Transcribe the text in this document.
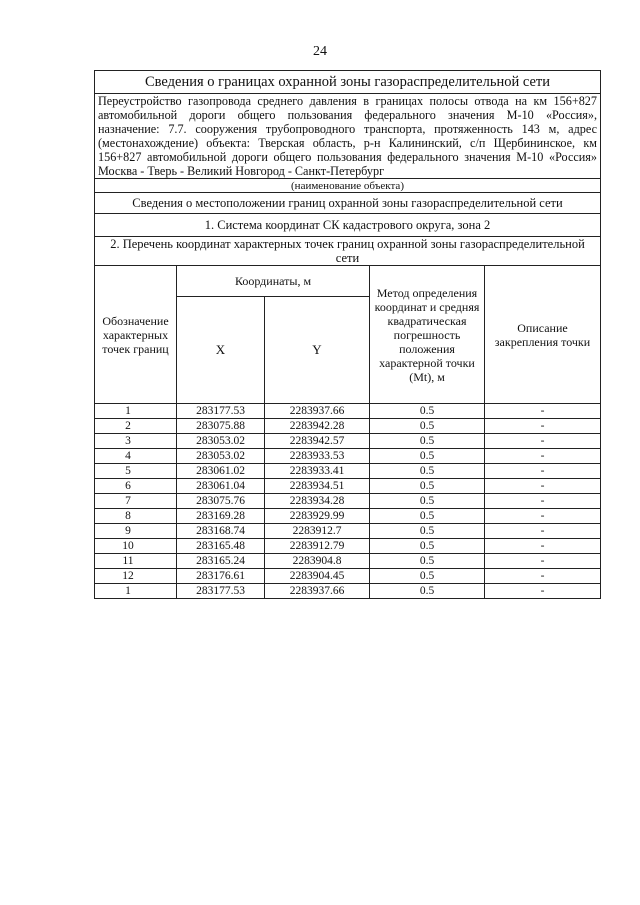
24
Сведения о границах охранной зоны газораспределительной сети				
Переустройство газопровода среднего давления в границах полосы отвода на км 156+827 автомобильной дороги общего пользования федерального значения М-10 «Россия», назначение: 7.7. сооружения трубопроводного транспорта, протяженность 143 м, адрес (местонахождение) объекта: Тверская область, р-н Калининский, с/п Щербининское, км 156+827 автомобильной дороги общего пользования федерального значения М-10 «Россия» Москва - Тверь - Великий Новгород - Санкт-Петербург				
(наименование объекта)				
Сведения о местоположении границ охранной зоны газораспределительной сети				
1. Система координат СК кадастрового округа, зона 2				
2. Перечень координат характерных точек границ охранной зоны газораспределительной сети				
Обозначение характерных точек границ	Координаты, м		Метод определения координат и средняя квадратическая погрешность положения характерной точки (Mt), м	Описание закрепления точки
	X	Y		
1	283177.53	2283937.66	0.5	-
2	283075.88	2283942.28	0.5	-
3	283053.02	2283942.57	0.5	-
4	283053.02	2283933.53	0.5	-
5	283061.02	2283933.41	0.5	-
6	283061.04	2283934.51	0.5	-
7	283075.76	2283934.28	0.5	-
8	283169.28	2283929.99	0.5	-
9	283168.74	2283912.7	0.5	-
10	283165.48	2283912.79	0.5	-
11	283165.24	2283904.8	0.5	-
12	283176.61	2283904.45	0.5	-
1	283177.53	2283937.66	0.5	-
